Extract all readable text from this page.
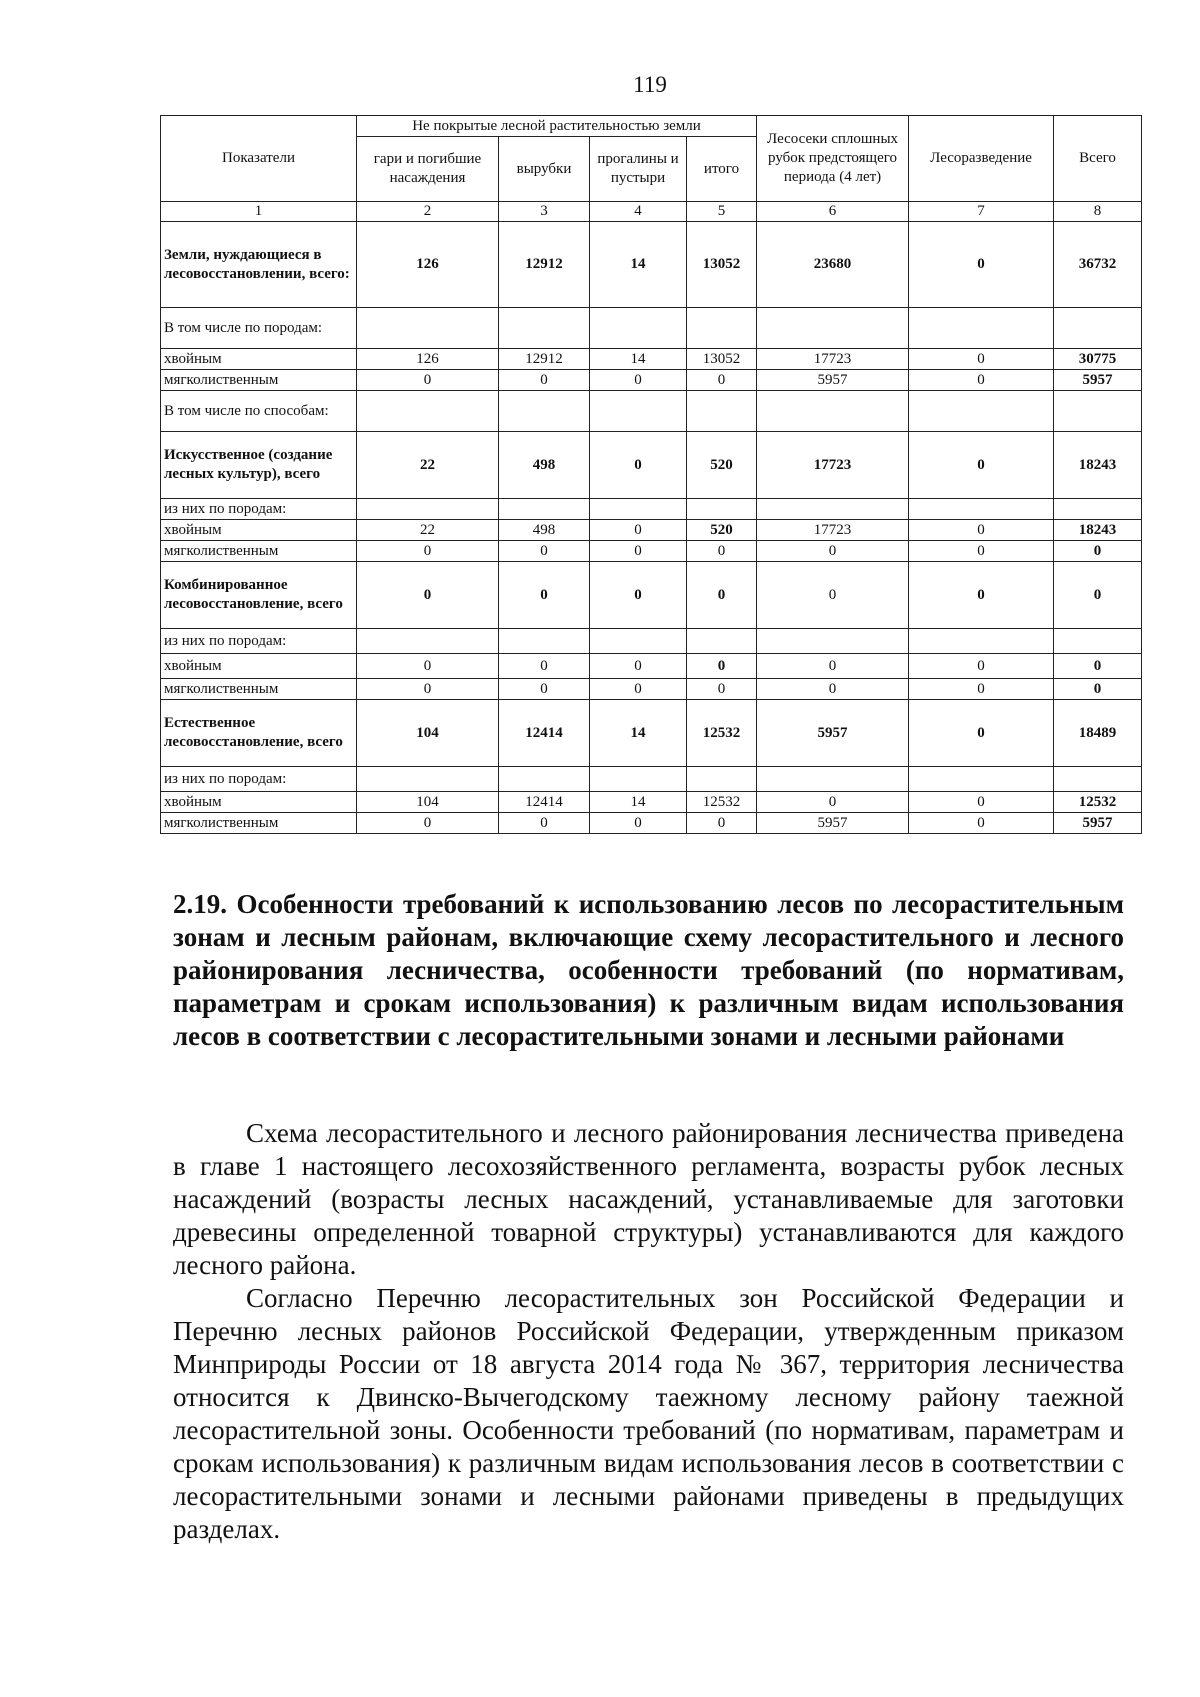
119
Показатели	Не покрытые лесной растительностью земли				Лесосеки сплошных рубок предстоящего периода (4 лет)	Лесоразведение	Всего
	гари и погибшие насаждения	вырубки	прогалины и пустыри	итого			
1	2	3	4	5	6	7	8
Земли, нуждающиеся в лесовосстановлении, всего:	126	12912	14	13052	23680	0	36732
В том числе по породам:							
хвойным	126	12912	14	13052	17723	0	30775
мягколиственным	0	0	0	0	5957	0	5957
В том числе по способам:							
Искусственное (создание лесных культур), всего	22	498	0	520	17723	0	18243
из них по породам:							
хвойным	22	498	0	520	17723	0	18243
мягколиственным	0	0	0	0	0	0	0
Комбинированное лесовосстановление, всего	0	0	0	0	0	0	0
из них по породам:							
хвойным	0	0	0	0	0	0	0
мягколиственным	0	0	0	0	0	0	0
Естественное лесовосстановление, всего	104	12414	14	12532	5957	0	18489
из них по породам:							
хвойным	104	12414	14	12532	0	0	12532
мягколиственным	0	0	0	0	5957	0	5957
2.19. Особенности требований к использованию лесов по лесорастительным зонам и лесным районам, включающие схему лесорастительного и лесного районирования лесничества, особенности требований (по нормативам, параметрам и срокам использования) к различным видам использования лесов в соответствии с лесорастительными зонами и лесными районами

Схема лесорастительного и лесного районирования лесничества приведена в главе 1 настоящего лесохозяйственного регламента, возрасты рубок лесных насаждений (возрасты лесных насаждений, устанавливаемые для заготовки древесины определенной товарной структуры) устанавливаются для каждого лесного района.

Согласно Перечню лесорастительных зон Российской Федерации и Перечню лесных районов Российской Федерации, утвержденным приказом Минприроды России от 18 августа 2014 года № 367, территория лесничества относится к Двинско-Вычегодскому таежному лесному району таежной лесорастительной зоны. Особенности требований (по нормативам, параметрам и срокам использования) к различным видам использования лесов в соответствии с лесорастительными зонами и лесными районами приведены в предыдущих разделах.
